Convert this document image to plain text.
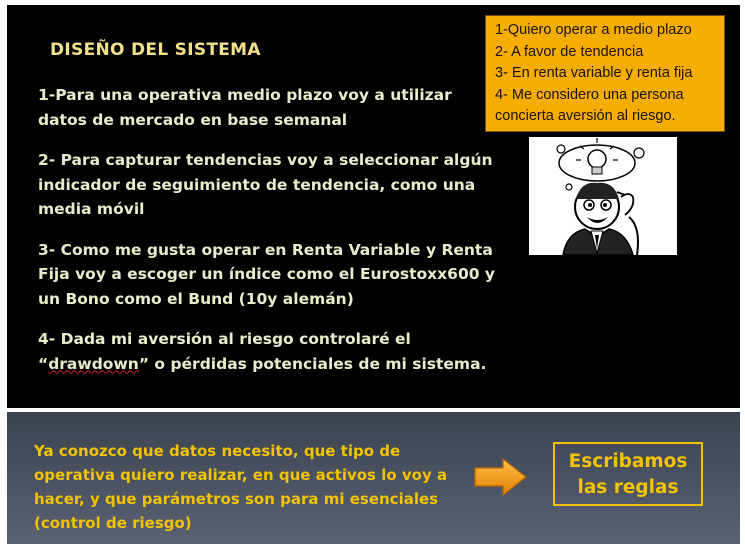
DISEÑO DEL SISTEMA

1-Para una operativa medio plazo voy a utilizar datos de mercado en base semanal

2- Para capturar tendencias voy a seleccionar algún indicador de seguimiento de tendencia, como una media móvil

3- Como me gusta operar en Renta Variable y Renta Fija voy a escoger un índice como el Eurostoxx600 y un Bono como el Bund (10y alemán)

4- Dada mi aversión al riesgo controlaré el “drawdown” o pérdidas potenciales de mi sistema.

1-Quiero operar a medio plazo
2- A favor de tendencia
3- En renta variable y renta fija
4- Me considero una persona concierta aversión al riesgo.
Ya conozco que datos necesito, que tipo de operativa quiero realizar, en que activos lo voy a hacer, y que parámetros son para mi esenciales (control de riesgo)
Escribamos
las reglas
